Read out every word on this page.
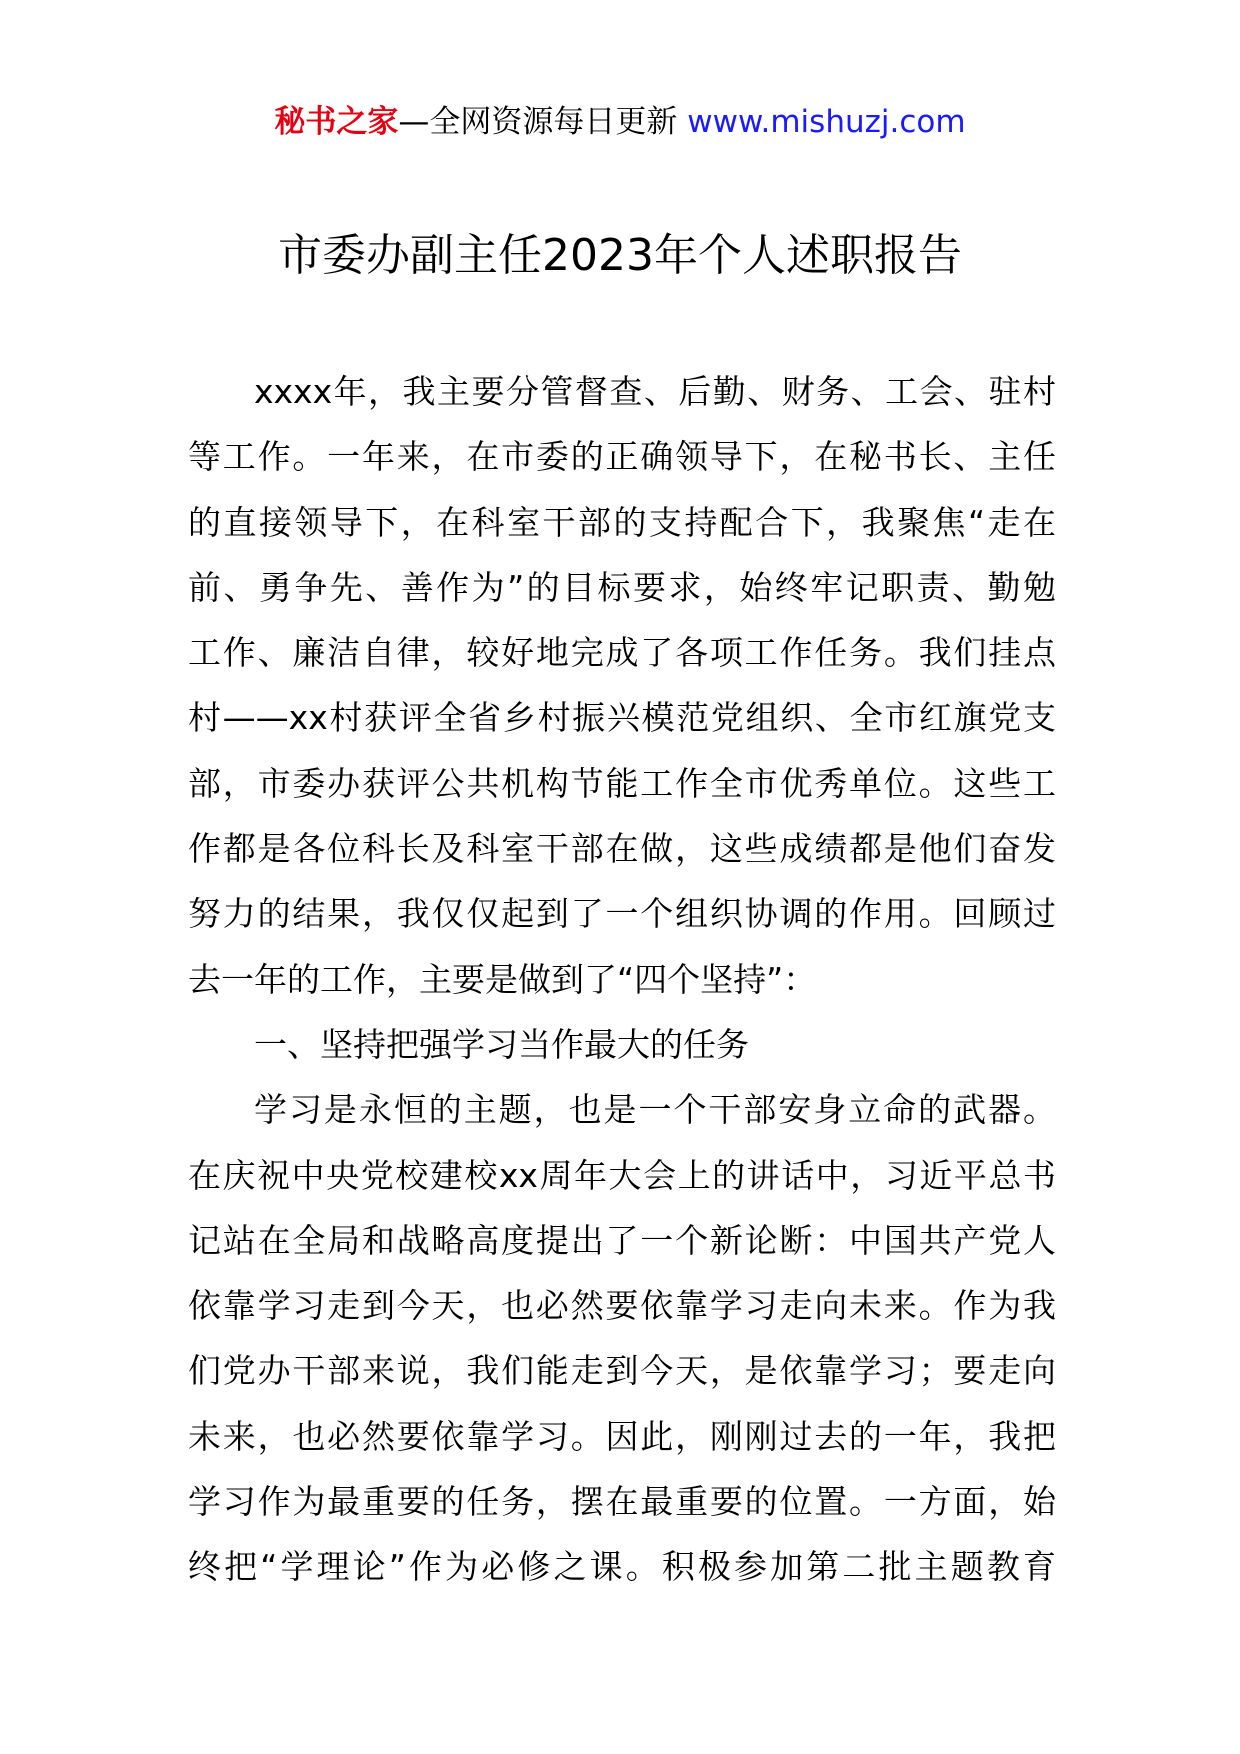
秘书之家—全网资源每日更新 www.mishuzj.com
市委办副主任2023年个人述职报告
xxxx年，我主要分管督查、后勤、财务、工会、驻村
等工作。一年来，在市委的正确领导下，在秘书长、主任
的直接领导下，在科室干部的支持配合下，我聚焦“走在
前、勇争先、善作为”的目标要求，始终牢记职责、勤勉
工作、廉洁自律，较好地完成了各项工作任务。我们挂点
村——xx村获评全省乡村振兴模范党组织、全市红旗党支
部，市委办获评公共机构节能工作全市优秀单位。这些工
作都是各位科长及科室干部在做，这些成绩都是他们奋发
努力的结果，我仅仅起到了一个组织协调的作用。回顾过
去一年的工作，主要是做到了“四个坚持”：
一、坚持把强学习当作最大的任务
学习是永恒的主题，也是一个干部安身立命的武器。
在庆祝中央党校建校xx周年大会上的讲话中，习近平总书
记站在全局和战略高度提出了一个新论断：中国共产党人
依靠学习走到今天，也必然要依靠学习走向未来。作为我
们党办干部来说，我们能走到今天，是依靠学习；要走向
未来，也必然要依靠学习。因此，刚刚过去的一年，我把
学习作为最重要的任务，摆在最重要的位置。一方面，始
终把“学理论”作为必修之课。积极参加第二批主题教育
